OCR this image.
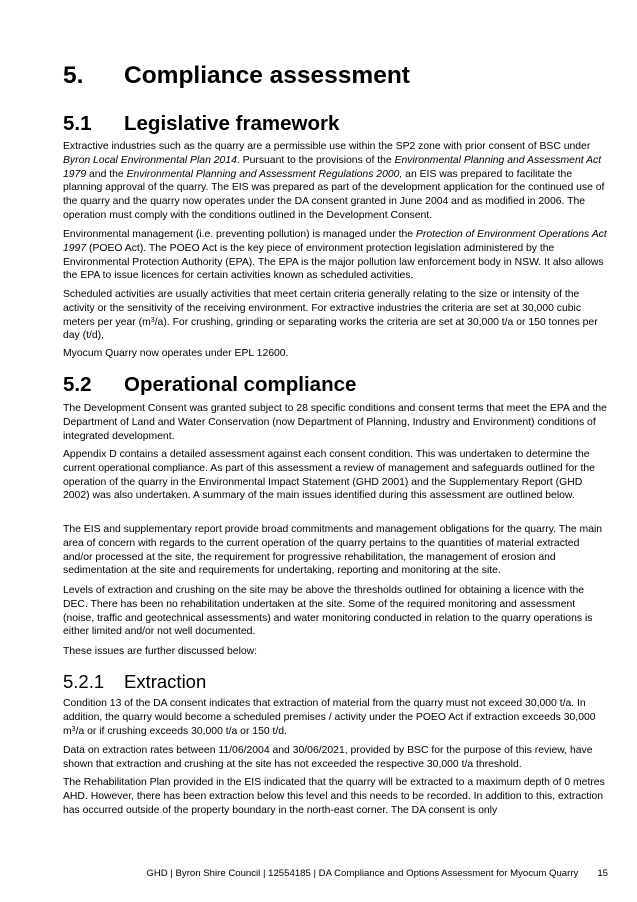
5. Compliance assessment
5.1 Legislative framework

Extractive industries such as the quarry are a permissible use within the SP2 zone with prior consent of BSC under Byron Local Environmental Plan 2014. Pursuant to the provisions of the Environmental Planning and Assessment Act 1979 and the Environmental Planning and Assessment Regulations 2000, an EIS was prepared to facilitate the planning approval of the quarry. The EIS was prepared as part of the development application for the continued use of the quarry and the quarry now operates under the DA consent granted in June 2004 and as modified in 2006. The operation must comply with the conditions outlined in the Development Consent.

Environmental management (i.e. preventing pollution) is managed under the Protection of Environment Operations Act 1997 (POEO Act). The POEO Act is the key piece of environment protection legislation administered by the Environmental Protection Authority (EPA). The EPA is the major pollution law enforcement body in NSW. It also allows the EPA to issue licences for certain activities known as scheduled activities.

Scheduled activities are usually activities that meet certain criteria generally relating to the size or intensity of the activity or the sensitivity of the receiving environment. For extractive industries the criteria are set at 30,000 cubic meters per year $(m^3/a)$. For crushing, grinding or separating works the criteria are set at 30,000 t/a or 150 tonnes per day (t/d),

Myocum Quarry now operates under EPL 12600.

5.2 Operational compliance

The Development Consent was granted subject to 28 specific conditions and consent terms that meet the EPA and the Department of Land and Water Conservation (now Department of Planning, Industry and Environment) conditions of integrated development.

Appendix D contains a detailed assessment against each consent condition. This was undertaken to determine the current operational compliance. As part of this assessment a review of management and safeguards outlined for the operation of the quarry in the Environmental Impact Statement (GHD 2001) and the Supplementary Report (GHD 2002) was also undertaken. A summary of the main issues identified during this assessment are outlined below.

The EIS and supplementary report provide broad commitments and management obligations for the quarry. The main area of concern with regards to the current operation of the quarry pertains to the quantities of material extracted and/or processed at the site, the requirement for progressive rehabilitation, the management of erosion and sedimentation at the site and requirements for undertaking, reporting and monitoring at the site.

Levels of extraction and crushing on the site may be above the thresholds outlined for obtaining a licence with the DEC. There has been no rehabilitation undertaken at the site. Some of the required monitoring and assessment (noise, traffic and geotechnical assessments) and water monitoring conducted in relation to the quarry operations is either limited and/or not well documented.

These issues are further discussed below:

5.2.1 Extraction

Condition 13 of the DA consent indicates that extraction of material from the quarry must not exceed 30,000 t/a. In addition, the quarry would become a scheduled premises / activity under the POEO Act if extraction exceeds 30,000 $m^3/a$ or if crushing exceeds 30,000 t/a or 150 t/d.

Data on extraction rates between 11/06/2004 and 30/06/2021, provided by BSC for the purpose of this review, have shown that extraction and crushing at the site has not exceeded the respective 30,000 t/a threshold.

The Rehabilitation Plan provided in the EIS indicated that the quarry will be extracted to a maximum depth of 0 metres AHD. However, there has been extraction below this level and this needs to be recorded. In addition to this, extraction has occurred outside of the property boundary in the north-east corner. The DA consent is only

GHD | Byron Shire Council | 12554185 | DA Compliance and Options Assessment for Myocum Quarry 15
